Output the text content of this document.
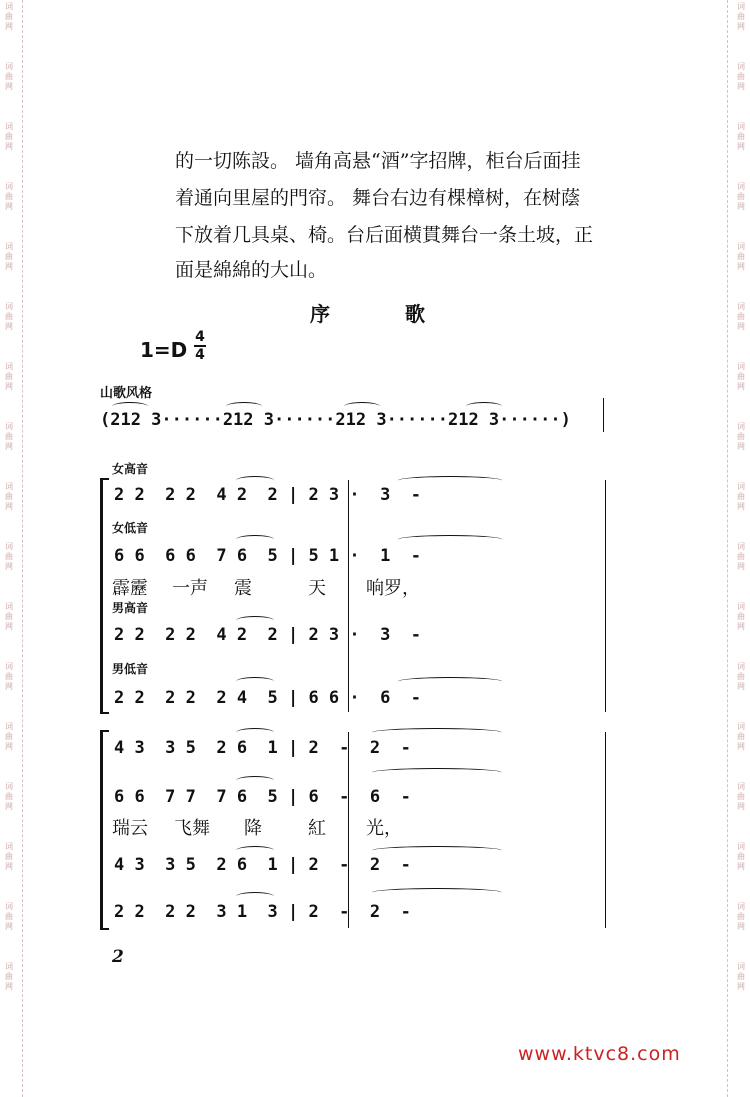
词
曲
网
词
曲
网
词
曲
网
词
曲
网
词
曲
网
词
曲
网
词
曲
网
词
曲
网
词
曲
网
词
曲
网
词
曲
网
词
曲
网
词
曲
网
词
曲
网
词
曲
网
词
曲
网
词
曲
网
词
曲
网
词
曲
网
词
曲
网
词
曲
网
词
曲
网
词
曲
网
词
曲
网
词
曲
网
词
曲
网
词
曲
网
词
曲
网
词
曲
网
词
曲
网
词
曲
网
词
曲
网
词
曲
网
词
曲
网
的一切陈設。 墙角高悬“酒”字招牌，柜台后面挂
着通向里屋的門帘。 舞台右边有棵樟树，在树蔭
下放着几具桌、椅。台后面横貫舞台一条土坡，正
面是綿綿的大山。
序 歌
1=D
4
4
山歌风格
(212 3······212 3······212 3······212 3······)
女高音
2 2  2 2  4 2  2 | 2 3 ·  3  -
女低音
6 6  6 6  7 6  5 | 5 1 ·  1  -
霹靂 一声 震	天 响罗，
男高音
2 2  2 2  4 2  2 | 2 3 ·  3  -
男低音
2 2  2 2  2 4  5 | 6 6 ·  6  -
4 3  3 5  2 6  1 | 2  -  2  -
6 6  7 7  7 6  5 | 6  -  6  -
瑞云 飞舞 降	紅 光，
4 3  3 5  2 6  1 | 2  -  2  -
2 2  2 2  3 1  3 | 2  -  2  -
2
www.ktvc8.com
